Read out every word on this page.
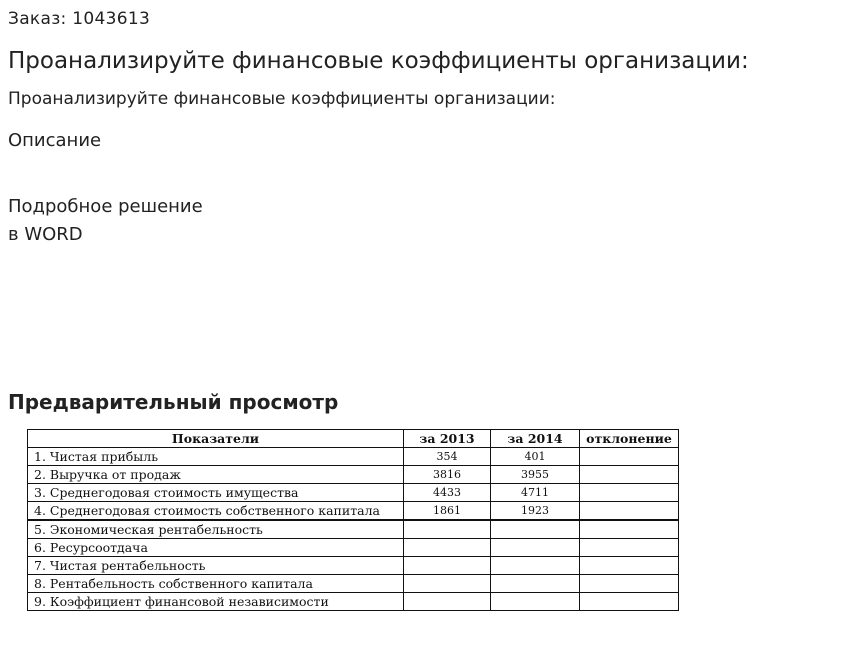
Заказ: 1043613
Проанализируйте финансовые коэффициенты организации:
Проанализируйте финансовые коэффициенты организации:
Описание
Подробное решение
в WORD
Предварительный просмотр
Показатели	за 2013	за 2014	отклонение
1. Чистая прибыль	354	401	
2. Выручка от продаж	3816	3955	
3. Среднегодовая стоимость имущества	4433	4711	
4. Среднегодовая стоимость собственного капитала	1861	1923	
5. Экономическая рентабельность			
6. Ресурсоотдача			
7. Чистая рентабельность			
8. Рентабельность собственного капитала			
9. Коэффициент финансовой независимости			
